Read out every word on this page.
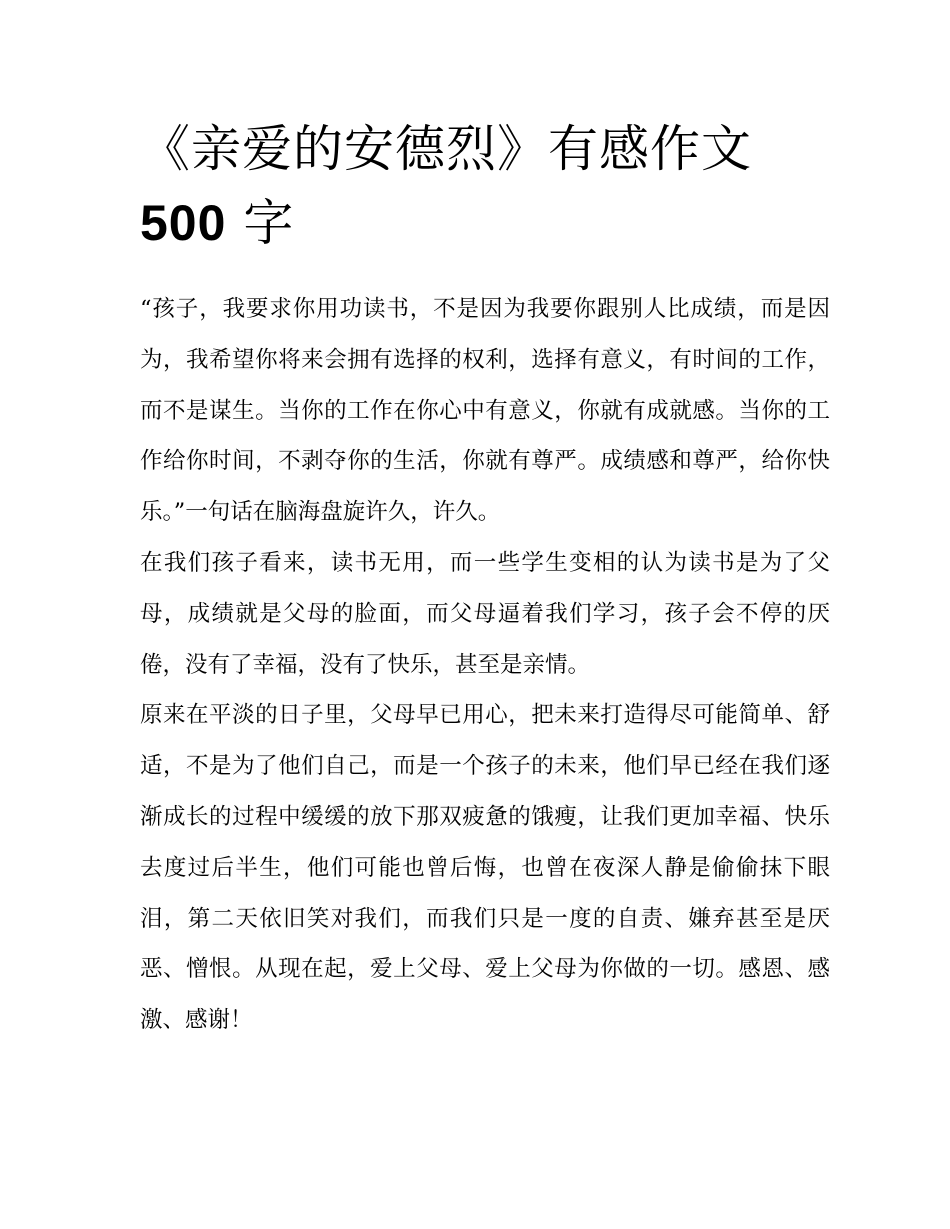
《亲爱的安德烈》有感作文
500 字

“孩子，我要求你用功读书，不是因为我要你跟别人比成绩，而是因为，我希望你将来会拥有选择的权利，选择有意义，有时间的工作，而不是谋生。当你的工作在你心中有意义，你就有成就感。当你的工作给你时间，不剥夺你的生活，你就有尊严。成绩感和尊严，给你快乐。”一句话在脑海盘旋许久，许久。

在我们孩子看来，读书无用，而一些学生变相的认为读书是为了父母，成绩就是父母的脸面，而父母逼着我们学习，孩子会不停的厌倦，没有了幸福，没有了快乐，甚至是亲情。

原来在平淡的日子里，父母早已用心，把未来打造得尽可能简单、舒适，不是为了他们自己，而是一个孩子的未来，他们早已经在我们逐渐成长的过程中缓缓的放下那双疲惫的饿瘦，让我们更加幸福、快乐去度过后半生，他们可能也曾后悔，也曾在夜深人静是偷偷抹下眼泪，第二天依旧笑对我们，而我们只是一度的自责、嫌弃甚至是厌恶、憎恨。从现在起，爱上父母、爱上父母为你做的一切。感恩、感激、感谢！
